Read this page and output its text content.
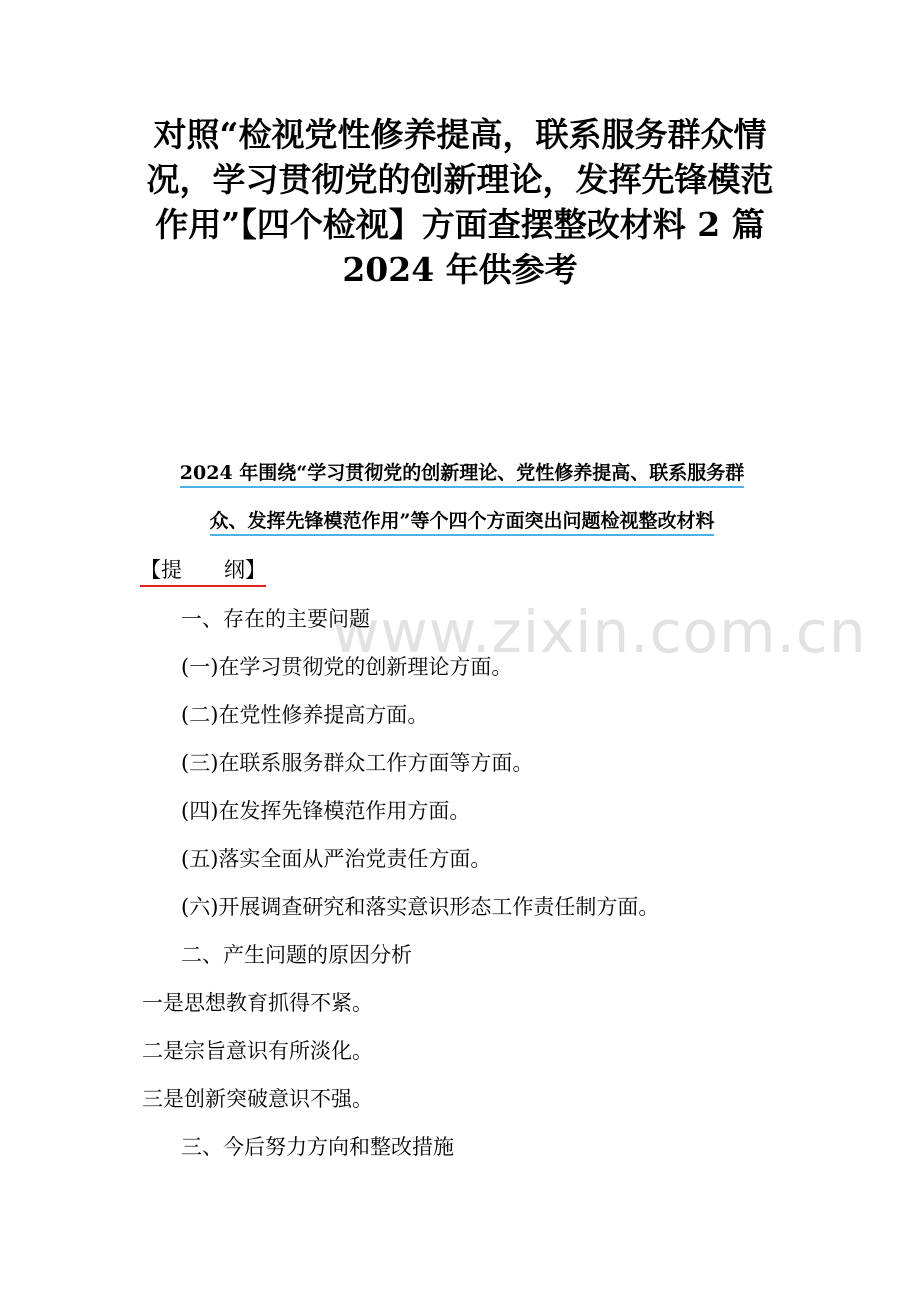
对照“检视党性修养提高，联系服务群众情
况，学习贯彻党的创新理论，发挥先锋模范
作用”【四个检视】方面查摆整改材料 2 篇
2024 年供参考
www.zixin.com.cn
2024 年围绕“学习贯彻党的创新理论、党性修养提高、联系服务群
众、发挥先锋模范作用”等个四个方面突出问题检视整改材料
【提　　纲】
一、存在的主要问题
(一)在学习贯彻党的创新理论方面。
(二)在党性修养提高方面。
(三)在联系服务群众工作方面等方面。
(四)在发挥先锋模范作用方面。
(五)落实全面从严治党责任方面。
(六)开展调查研究和落实意识形态工作责任制方面。
二、产生问题的原因分析
一是思想教育抓得不紧。
二是宗旨意识有所淡化。
三是创新突破意识不强。
三、今后努力方向和整改措施
